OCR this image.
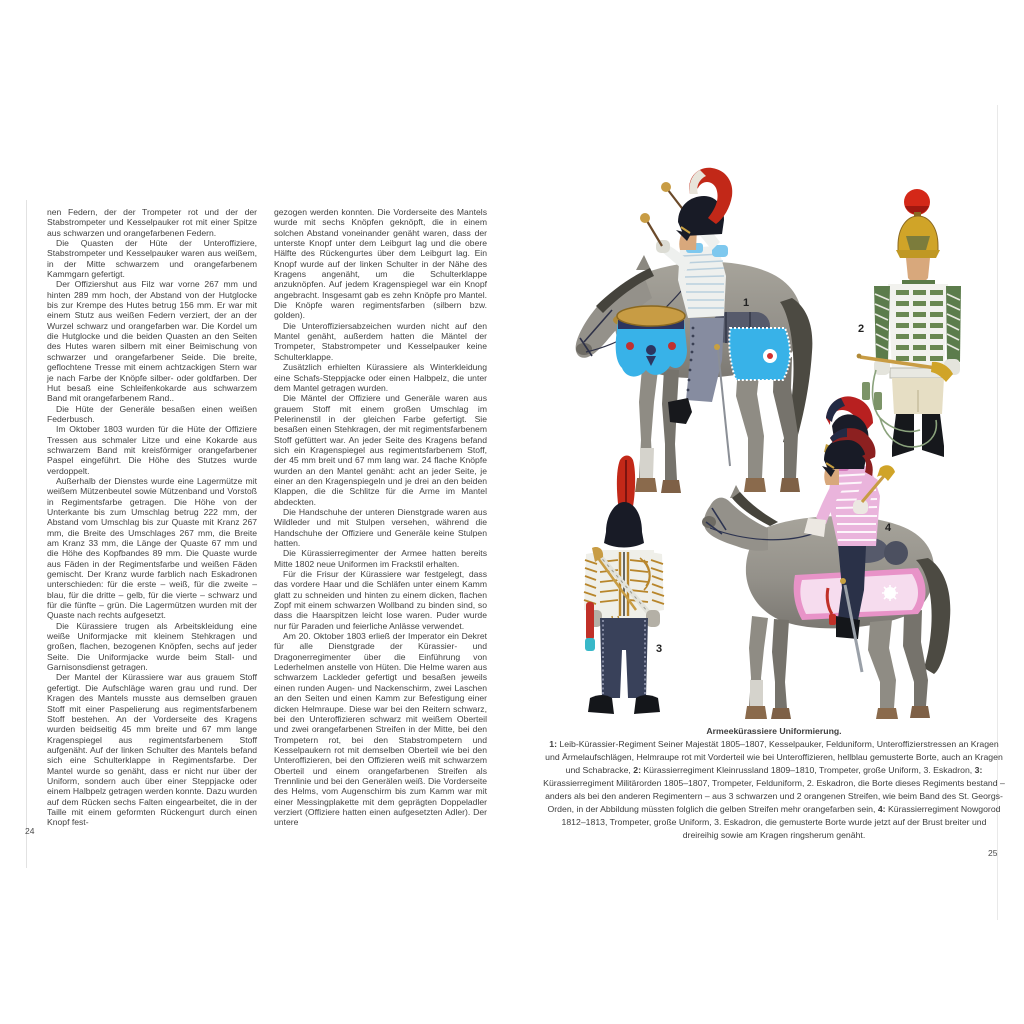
nen Federn, der der Trompeter rot und der der Stabstrompeter und Kesselpauker rot mit einer Spitze aus schwarzen und orangefarbenen Federn.

Die Quasten der Hüte der Unteroffiziere, Stabstrompeter und Kesselpauker waren aus weißem, in der Mitte schwarzem und orangefarbenem Kammgarn gefertigt.

Der Offiziershut aus Filz war vorne 267 mm und hinten 289 mm hoch, der Abstand von der Hutglocke bis zur Krempe des Hutes betrug 156 mm. Er war mit einem Stutz aus weißen Federn verziert, der an der Wurzel schwarz und orangefarben war. Die Kordel um die Hutglocke und die beiden Quasten an den Seiten des Hutes waren silbern mit einer Beimischung von schwarzer und orangefarbener Seide. Die breite, geflochtene Tresse mit einem achtzackigen Stern war je nach Farbe der Knöpfe silber- oder goldfarben. Der Hut besaß eine Schleifenkokarde aus schwarzem Band mit orangefarbenem Rand..

Die Hüte der Generäle besaßen einen weißen Federbusch.

Im Oktober 1803 wurden für die Hüte der Offiziere Tressen aus schmaler Litze und eine Kokarde aus schwarzem Band mit kreisförmiger orangefarbener Paspel eingeführt. Die Höhe des Stutzes wurde verdoppelt.

Außerhalb der Dienstes wurde eine Lagermütze mit weißem Mützenbeutel sowie Mützenband und Vorstoß in Regimentsfarbe getragen. Die Höhe von der Unterkante bis zum Umschlag betrug 222 mm, der Abstand vom Umschlag bis zur Quaste mit Kranz 267 mm, die Breite des Umschlages 267 mm, die Breite am Kranz 33 mm, die Länge der Quaste 67 mm und die Höhe des Kopfbandes 89 mm. Die Quaste wurde aus Fäden in der Regimentsfarbe und weißen Fäden gemischt. Der Kranz wurde farblich nach Eskadronen unterschieden: für die erste – weiß, für die zweite – blau, für die dritte – gelb, für die vierte – schwarz und für die fünfte – grün. Die Lagermützen wurden mit der Quaste nach rechts aufgesetzt.

Die Kürassiere trugen als Arbeitskleidung eine weiße Uniformjacke mit kleinem Stehkragen und großen, flachen, bezogenen Knöpfen, sechs auf jeder Seite. Die Uniformjacke wurde beim Stall- und Garnisonsdienst getragen.

Der Mantel der Kürassiere war aus grauem Stoff gefertigt. Die Aufschläge waren grau und rund. Der Kragen des Mantels musste aus demselben grauen Stoff mit einer Paspelierung aus regimentsfarbenem Stoff bestehen. An der Vorderseite des Kragens wurden beidseitig 45 mm breite und 67 mm lange Kragenspiegel aus regimentsfarbenem Stoff aufgenäht. Auf der linken Schulter des Mantels befand sich eine Schulterklappe in Regimentsfarbe. Der Mantel wurde so genäht, dass er nicht nur über der Uniform, sondern auch über einer Steppjacke oder einem Halbpelz getragen werden konnte. Dazu wurden auf dem Rücken sechs Falten eingearbeitet, die in der Taille mit einem geformten Rückengurt durch einen Knopf fest-

gezogen werden konnten. Die Vorderseite des Mantels wurde mit sechs Knöpfen geknöpft, die in einem solchen Abstand voneinander genäht waren, dass der unterste Knopf unter dem Leibgurt lag und die obere Hälfte des Rückengurtes über dem Leibgurt lag. Ein Knopf wurde auf der linken Schulter in der Nähe des Kragens angenäht, um die Schulterklappe anzuknöpfen. Auf jedem Kragenspiegel war ein Knopf angebracht. Insgesamt gab es zehn Knöpfe pro Mantel. Die Knöpfe waren regimentsfarben (silbern bzw. golden).

Die Unteroffiziersabzeichen wurden nicht auf den Mantel genäht, außerdem hatten die Mäntel der Trompeter, Stabstrompeter und Kesselpauker keine Schulterklappe.

Zusätzlich erhielten Kürassiere als Winterkleidung eine Schafs-Steppjacke oder einen Halbpelz, die unter dem Mantel getragen wurden.

Die Mäntel der Offiziere und Generäle waren aus grauem Stoff mit einem großen Umschlag im Pelerinenstil in der gleichen Farbe gefertigt. Sie besaßen einen Stehkragen, der mit regimentsfarbenem Stoff gefüttert war. An jeder Seite des Kragens befand sich ein Kragenspiegel aus regimentsfarbenem Stoff, der 45 mm breit und 67 mm lang war. 24 flache Knöpfe wurden an den Mantel genäht: acht an jeder Seite, je einer an den Kragenspiegeln und je drei an den beiden Klappen, die die Schlitze für die Arme im Mantel abdeckten.

Die Handschuhe der unteren Dienstgrade waren aus Wildleder und mit Stulpen versehen, während die Handschuhe der Offiziere und Generäle keine Stulpen hatten.

Die Kürassierregimenter der Armee hatten bereits Mitte 1802 neue Uniformen im Frackstil erhalten.

Für die Frisur der Kürassiere war festgelegt, dass das vordere Haar und die Schläfen unter einem Kamm glatt zu schneiden und hinten zu einem dicken, flachen Zopf mit einem schwarzen Wollband zu binden sind, so dass die Haarspitzen leicht lose waren. Puder wurde nur für Paraden und feierliche Anlässe verwendet.

Am 20. Oktober 1803 erließ der Imperator ein Dekret für alle Dienstgrade der Kürassier- und Dragonerregimenter über die Einführung von Lederhelmen anstelle von Hüten. Die Helme waren aus schwarzem Lackleder gefertigt und besaßen jeweils einen runden Augen- und Nackenschirm, zwei Laschen an den Seiten und einen Kamm zur Befestigung einer dicken Helmraupe. Diese war bei den Reitern schwarz, bei den Unteroffizieren schwarz mit weißem Oberteil und zwei orangefarbenen Streifen in der Mitte, bei den Trompetern rot, bei den Stabstrompetern und Kesselpaukern rot mit demselben Oberteil wie bei den Unteroffizieren, bei den Offizieren weiß mit schwarzem Oberteil und einem orangefarbenen Streifen als Trennlinie und bei den Generälen weiß. Die Vorderseite des Helms, vom Augenschirm bis zum Kamm war mit einer Messingplakette mit dem geprägten Doppeladler verziert (Offiziere hatten einen aufgesetzten Adler). Der untere

24
1
2
3
4
Armeekürassiere Uniformierung.
1: Leib-Kürassier-Regiment Seiner Majestät 1805–1807, Kesselpauker, Felduniform, Unteroffizierstressen an Kragen und Ärmelaufschlägen, Helmraupe rot mit Vorderteil wie bei Unteroffizieren, hellblau gemusterte Borte, auch an Kragen und Schabracke, 2: Kürassierregiment Kleinrussland 1809–1810, Trompeter, große Uniform, 3. Eskadron, 3: Kürassierregiment Militärorden 1805–1807, Trompeter, Felduniform, 2. Eskadron, die Borte dieses Regiments bestand – anders als bei den anderen Regimentern – aus 3 schwarzen und 2 orangenen Streifen, wie beim Band des St. Georgs-Orden, in der Abbildung müssten folglich die gelben Streifen mehr orangefarben sein, 4: Kürassierregiment Nowgorod 1812–1813, Trompeter, große Uniform, 3. Eskadron, die gemusterte Borte wurde jetzt auf der Brust breiter und dreireihig sowie am Kragen ringsherum genäht.
25
